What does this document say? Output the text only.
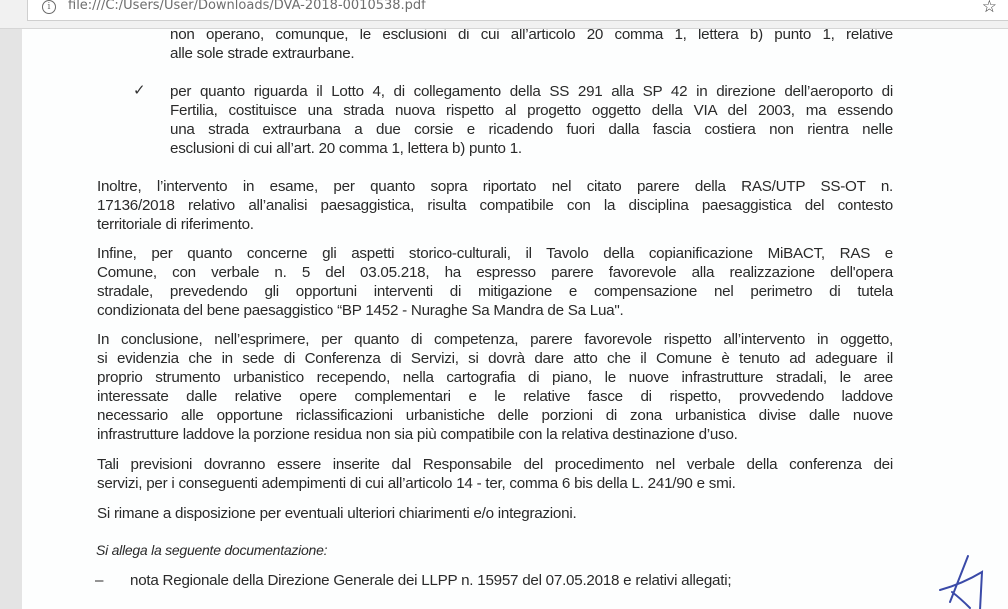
i	file:///C:/Users/User/Downloads/DVA-2018-0010538.pdf	☆
non operano, comunque, le esclusioni di cui all’articolo 20 comma 1, lettera b) punto 1, relative
alle sole strade extraurbane.
✓ per quanto riguarda il Lotto 4, di collegamento della SS 291 alla SP 42 in direzione dell’aeroporto di
Fertilia, costituisce una strada nuova rispetto al progetto oggetto della VIA del 2003, ma essendo
una strada extraurbana a due corsie e ricadendo fuori dalla fascia costiera non rientra nelle
esclusioni di cui all’art. 20 comma 1, lettera b) punto 1.
Inoltre, l’intervento in esame, per quanto sopra riportato nel citato parere della RAS/UTP SS-OT n.
17136/2018 relativo all’analisi paesaggistica, risulta compatibile con la disciplina paesaggistica del contesto
territoriale di riferimento.
Infine, per quanto concerne gli aspetti storico-culturali, il Tavolo della copianificazione MiBACT, RAS e
Comune, con verbale n. 5 del 03.05.218, ha espresso parere favorevole alla realizzazione dell'opera
stradale, prevedendo gli opportuni interventi di mitigazione e compensazione nel perimetro di tutela
condizionata del bene paesaggistico “BP 1452 - Nuraghe Sa Mandra de Sa Lua".
In conclusione, nell’esprimere, per quanto di competenza, parere favorevole rispetto all’intervento in oggetto,
si evidenzia che in sede di Conferenza di Servizi, si dovrà dare atto che il Comune è tenuto ad adeguare il
proprio strumento urbanistico recependo, nella cartografia di piano, le nuove infrastrutture stradali, le aree
interessate dalle relative opere complementari e le relative fasce di rispetto, provvedendo laddove
necessario alle opportune riclassificazioni urbanistiche delle porzioni di zona urbanistica divise dalle nuove
infrastrutture laddove la porzione residua non sia più compatibile con la relativa destinazione d’uso.
Tali previsioni dovranno essere inserite dal Responsabile del procedimento nel verbale della conferenza dei
servizi, per i conseguenti adempimenti di cui all’articolo 14 - ter, comma 6 bis della L. 241/90 e smi.
Si rimane a disposizione per eventuali ulteriori chiarimenti e/o integrazioni.
Si allega la seguente documentazione:
– nota Regionale della Direzione Generale dei LLPP n. 15957 del 07.05.2018 e relativi allegati;
